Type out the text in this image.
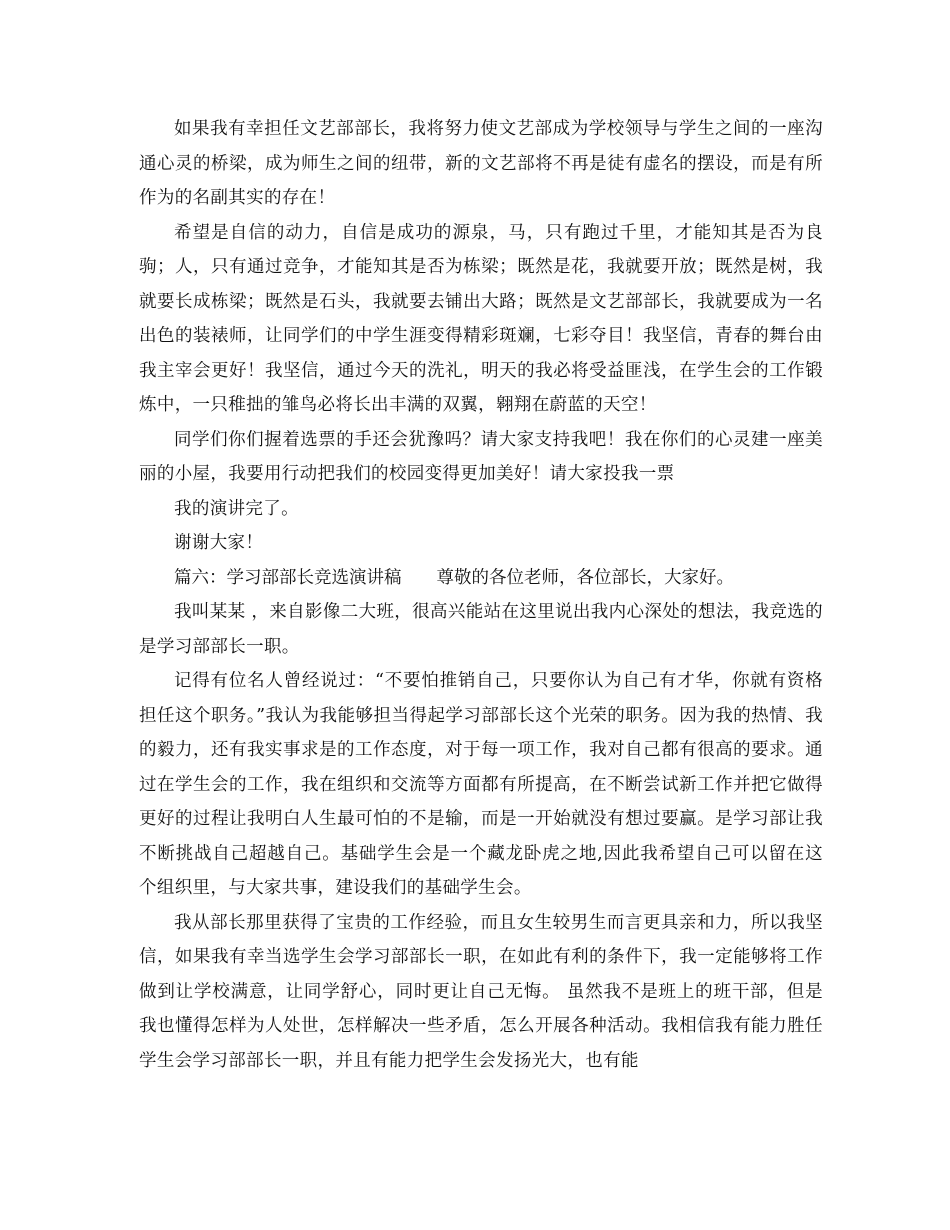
如果我有幸担任文艺部部长，我将努力使文艺部成为学校领导与学生之间的一座沟通心灵的桥梁，成为师生之间的纽带，新的文艺部将不再是徒有虚名的摆设，而是有所作为的名副其实的存在！

希望是自信的动力，自信是成功的源泉，马，只有跑过千里，才能知其是否为良驹；人，只有通过竞争，才能知其是否为栋梁；既然是花，我就要开放；既然是树，我就要长成栋梁；既然是石头，我就要去铺出大路；既然是文艺部部长，我就要成为一名出色的装裱师，让同学们的中学生涯变得精彩斑斓，七彩夺目！我坚信，青春的舞台由我主宰会更好！我坚信，通过今天的洗礼，明天的我必将受益匪浅，在学生会的工作锻炼中，一只稚拙的雏鸟必将长出丰满的双翼，翱翔在蔚蓝的天空！

同学们你们握着选票的手还会犹豫吗？请大家支持我吧！我在你们的心灵建一座美丽的小屋，我要用行动把我们的校园变得更加美好！请大家投我一票

我的演讲完了。

谢谢大家！

篇六：学习部部长竞选演讲稿　　尊敬的各位老师，各位部长，大家好。

我叫某某 ，来自影像二大班，很高兴能站在这里说出我内心深处的想法，我竞选的是学习部部长一职。

记得有位名人曾经说过：“不要怕推销自己，只要你认为自己有才华，你就有资格担任这个职务。”我认为我能够担当得起学习部部长这个光荣的职务。因为我的热情、我的毅力，还有我实事求是的工作态度，对于每一项工作，我对自己都有很高的要求。通过在学生会的工作，我在组织和交流等方面都有所提高，在不断尝试新工作并把它做得更好的过程让我明白人生最可怕的不是输，而是一开始就没有想过要赢。是学习部让我不断挑战自己超越自己。基础学生会是一个藏龙卧虎之地,因此我希望自己可以留在这个组织里，与大家共事，建设我们的基础学生会。

我从部长那里获得了宝贵的工作经验，而且女生较男生而言更具亲和力，所以我坚信，如果我有幸当选学生会学习部部长一职，在如此有利的条件下，我一定能够将工作做到让学校满意，让同学舒心，同时更让自己无悔。 虽然我不是班上的班干部，但是我也懂得怎样为人处世，怎样解决一些矛盾，怎么开展各种活动。我相信我有能力胜任学生会学习部部长一职，并且有能力把学生会发扬光大，也有能
